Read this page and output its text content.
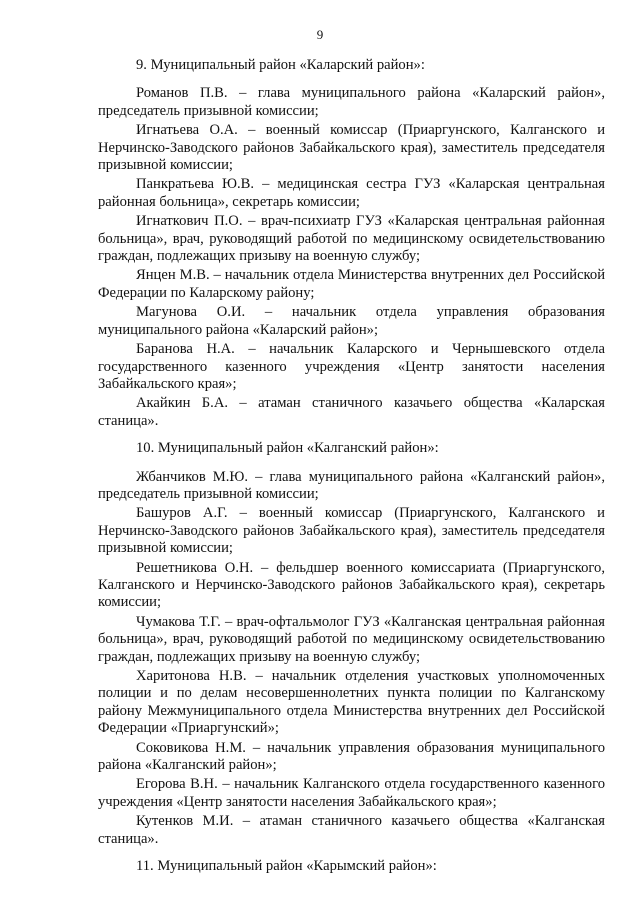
9

9. Муниципальный район «Каларский район»:

Романов П.В. – глава муниципального района «Каларский район», председатель призывной комиссии;

Игнатьева О.А. – военный комиссар (Приаргунского, Калганского и Нерчинско-Заводского районов Забайкальского края), заместитель председателя призывной комиссии;

Панкратьева Ю.В. – медицинская сестра ГУЗ «Каларская центральная районная больница», секретарь комиссии;

Игнаткович П.О. – врач-психиатр ГУЗ «Каларская центральная районная больница», врач, руководящий работой по медицинскому освидетельствованию граждан, подлежащих призыву на военную службу;

Янцен М.В. – начальник отдела Министерства внутренних дел Российской Федерации по Каларскому району;

Магунова О.И. – начальник отдела управления образования муниципального района «Каларский район»;

Баранова Н.А. – начальник Каларского и Чернышевского отдела государственного казенного учреждения «Центр занятости населения Забайкальского края»;

Акайкин Б.А. – атаман станичного казачьего общества «Каларская станица».

10. Муниципальный район «Калганский район»:

Жбанчиков М.Ю. – глава муниципального района «Калганский район», председатель призывной комиссии;

Башуров А.Г. – военный комиссар (Приаргунского, Калганского и Нерчинско-Заводского районов Забайкальского края), заместитель председателя призывной комиссии;

Решетникова О.Н. – фельдшер военного комиссариата (Приаргунского, Калганского и Нерчинско-Заводского районов Забайкальского края), секретарь комиссии;

Чумакова Т.Г. – врач-офтальмолог ГУЗ «Калганская центральная районная больница», врач, руководящий работой по медицинскому освидетельствованию граждан, подлежащих призыву на военную службу;

Харитонова Н.В. – начальник отделения участковых уполномоченных полиции и по делам несовершеннолетних пункта полиции по Калганскому району Межмуниципального отдела Министерства внутренних дел Российской Федерации «Приаргунский»;

Соковикова Н.М. – начальник управления образования муниципального района «Калганский район»;

Егорова В.Н. – начальник Калганского отдела государственного казенного учреждения «Центр занятости населения Забайкальского края»;

Кутенков М.И. – атаман станичного казачьего общества «Калганская станица».

11. Муниципальный район «Карымский район»:
